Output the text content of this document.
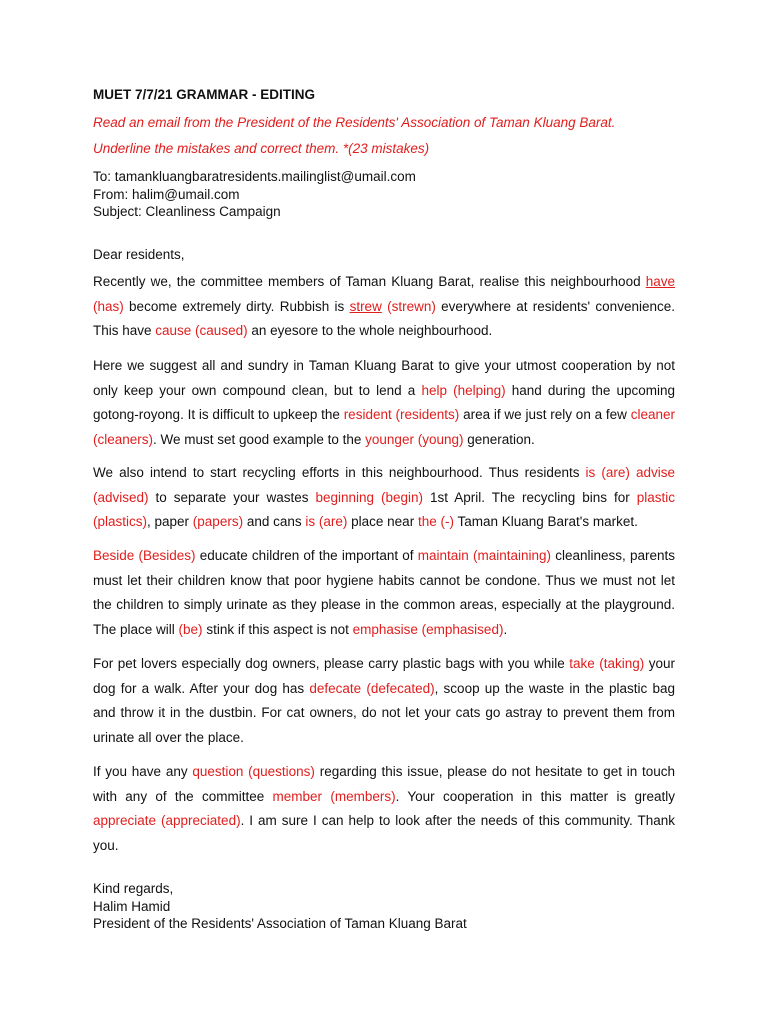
MUET 7/7/21 GRAMMAR - EDITING
Read an email from the President of the Residents' Association of Taman Kluang Barat.
Underline the mistakes and correct them. *(23 mistakes)
To: tamankluangbaratresidents.mailinglist@umail.com
From: halim@umail.com
Subject: Cleanliness Campaign
Dear residents,
Recently we, the committee members of Taman Kluang Barat, realise this neighbourhood have (has) become extremely dirty. Rubbish is strew (strewn) everywhere at residents' convenience. This have cause (caused) an eyesore to the whole neighbourhood.
Here we suggest all and sundry in Taman Kluang Barat to give your utmost cooperation by not only keep your own compound clean, but to lend a help (helping) hand during the upcoming gotong-royong. It is difficult to upkeep the resident (residents) area if we just rely on a few cleaner (cleaners). We must set good example to the younger (young) generation.
We also intend to start recycling efforts in this neighbourhood. Thus residents is (are) advise (advised) to separate your wastes beginning (begin) 1st April. The recycling bins for plastic (plastics), paper (papers) and cans is (are) place near the (-) Taman Kluang Barat's market.
Beside (Besides) educate children of the important of maintain (maintaining) cleanliness, parents must let their children know that poor hygiene habits cannot be condone. Thus we must not let the children to simply urinate as they please in the common areas, especially at the playground. The place will (be) stink if this aspect is not emphasise (emphasised).
For pet lovers especially dog owners, please carry plastic bags with you while take (taking) your dog for a walk. After your dog has defecate (defecated), scoop up the waste in the plastic bag and throw it in the dustbin. For cat owners, do not let your cats go astray to prevent them from urinate all over the place.
If you have any question (questions) regarding this issue, please do not hesitate to get in touch with any of the committee member (members). Your cooperation in this matter is greatly appreciate (appreciated). I am sure I can help to look after the needs of this community. Thank you.
Kind regards,
Halim Hamid
President of the Residents' Association of Taman Kluang Barat
